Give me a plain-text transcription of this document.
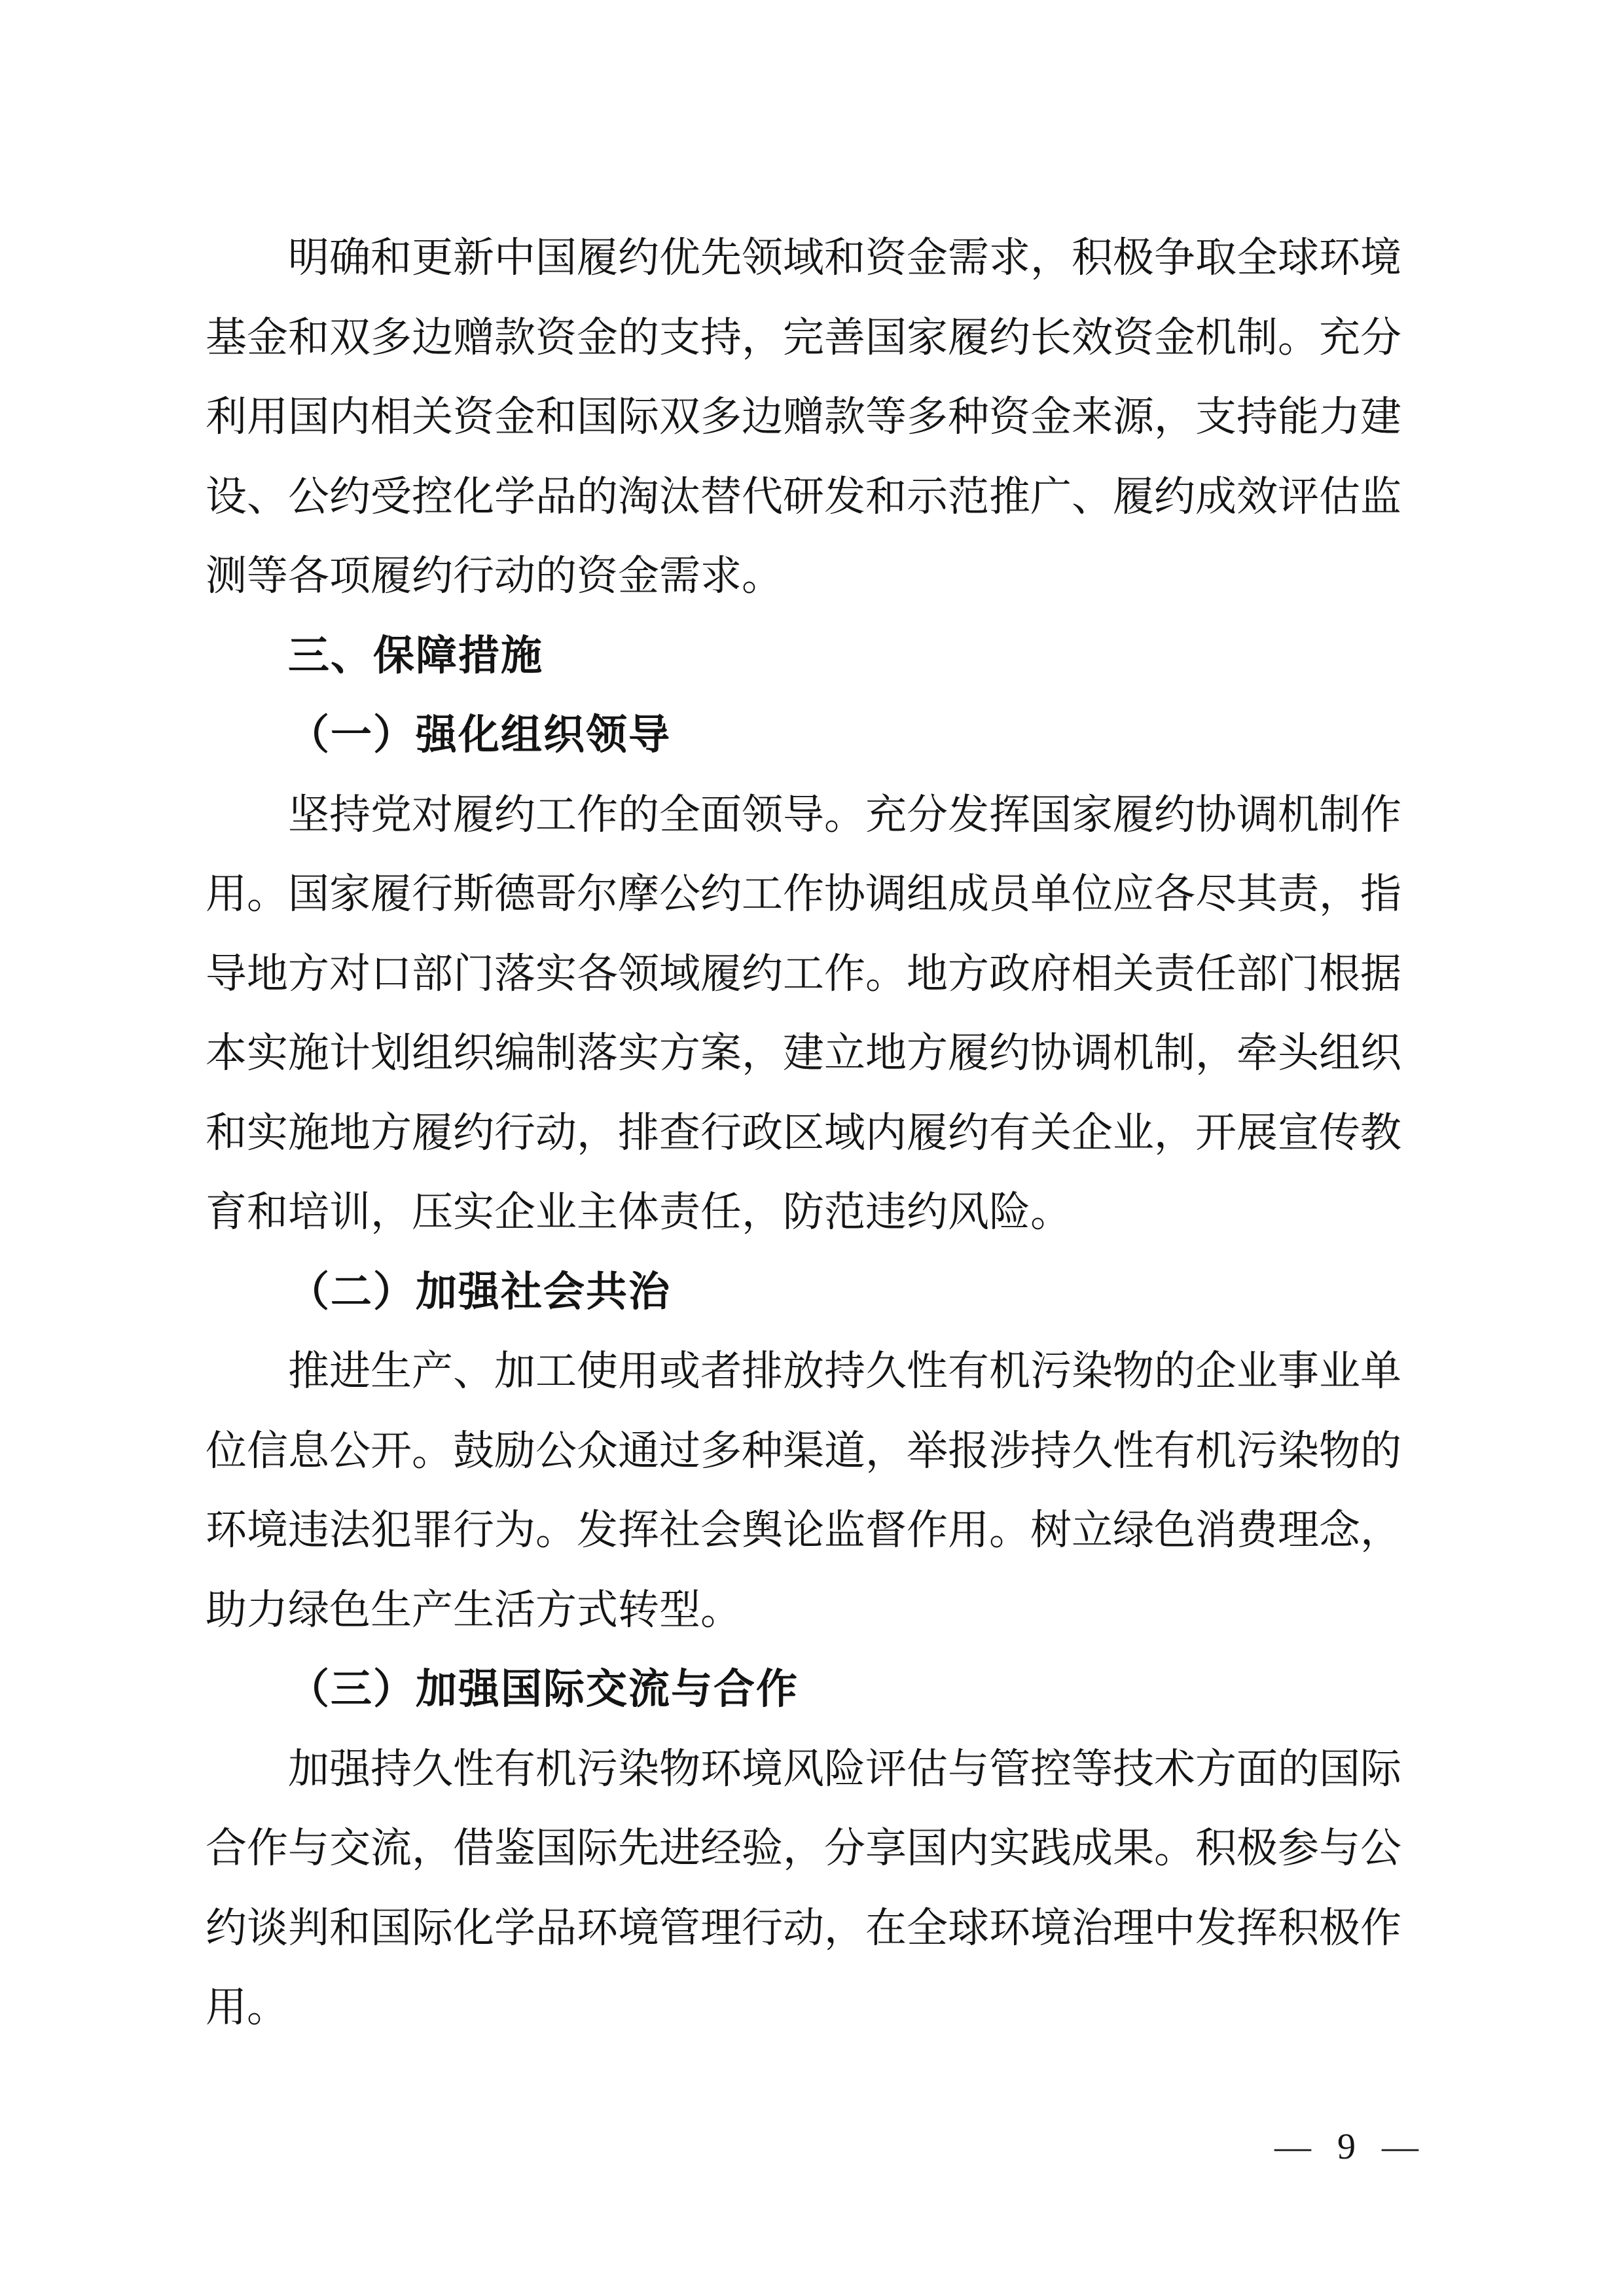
明确和更新中国履约优先领域和资金需求，积极争取全球环境
基金和双多边赠款资金的支持，完善国家履约长效资金机制。充分
利用国内相关资金和国际双多边赠款等多种资金来源，支持能力建
设、公约受控化学品的淘汰替代研发和示范推广、履约成效评估监
测等各项履约行动的资金需求。
三、保障措施
（一）强化组织领导
坚持党对履约工作的全面领导。充分发挥国家履约协调机制作
用。国家履行斯德哥尔摩公约工作协调组成员单位应各尽其责，指
导地方对口部门落实各领域履约工作。地方政府相关责任部门根据
本实施计划组织编制落实方案，建立地方履约协调机制，牵头组织
和实施地方履约行动，排查行政区域内履约有关企业，开展宣传教
育和培训，压实企业主体责任，防范违约风险。
（二）加强社会共治
推进生产、加工使用或者排放持久性有机污染物的企业事业单
位信息公开。鼓励公众通过多种渠道，举报涉持久性有机污染物的
环境违法犯罪行为。发挥社会舆论监督作用。树立绿色消费理念，
助力绿色生产生活方式转型。
（三）加强国际交流与合作
加强持久性有机污染物环境风险评估与管控等技术方面的国际
合作与交流，借鉴国际先进经验，分享国内实践成果。积极参与公
约谈判和国际化学品环境管理行动，在全球环境治理中发挥积极作
用。
— 9 —
